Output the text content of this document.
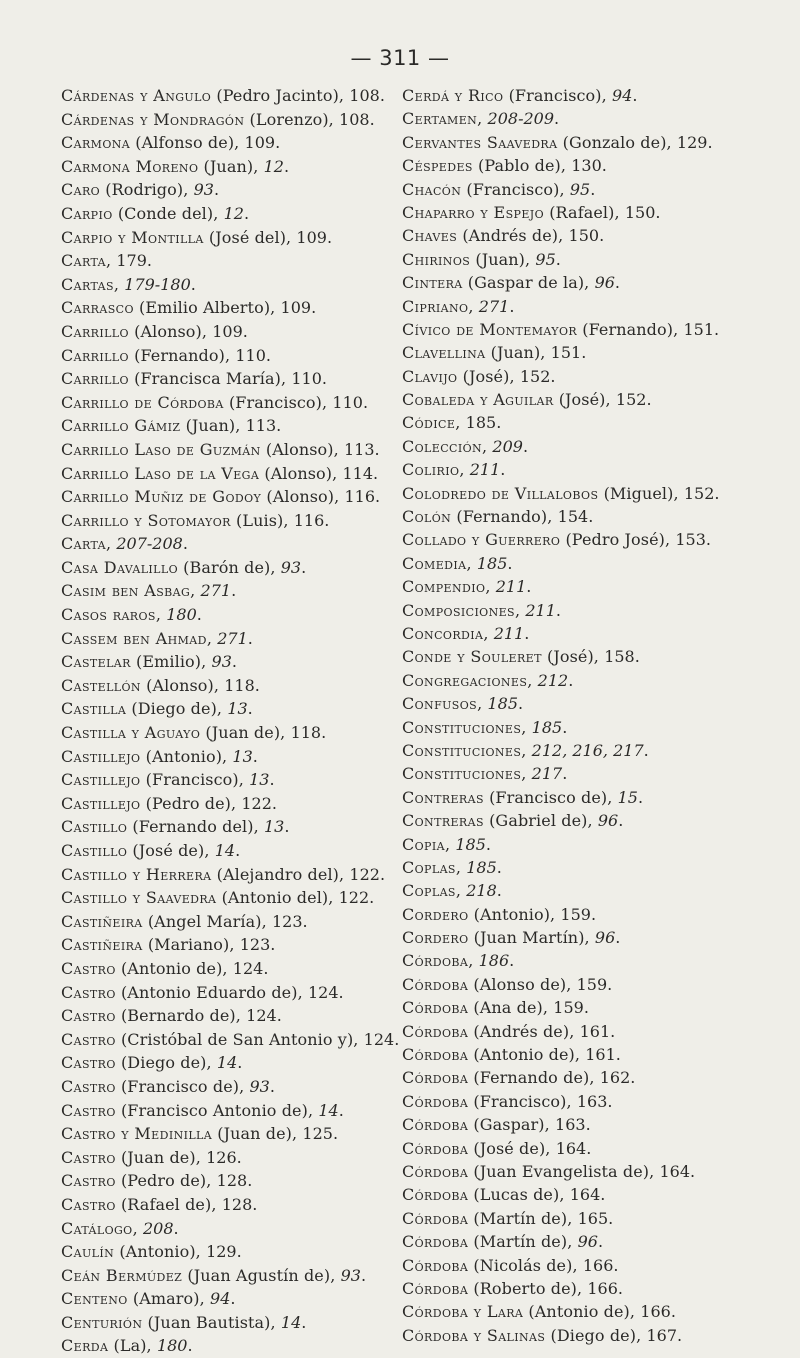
— 311 —
Cárdenas y Angulo (Pedro Jacinto), 108.
Cárdenas y Mondragón (Lorenzo), 108.
Carmona (Alfonso de), 109.
Carmona Moreno (Juan), 12.
Caro (Rodrigo), 93.
Carpio (Conde del), 12.
Carpio y Montilla (José del), 109.
Carta, 179.
Cartas, 179-180.
Carrasco (Emilio Alberto), 109.
Carrillo (Alonso), 109.
Carrillo (Fernando), 110.
Carrillo (Francisca María), 110.
Carrillo de Córdoba (Francisco), 110.
Carrillo Gámiz (Juan), 113.
Carrillo Laso de Guzmán (Alonso), 113.
Carrillo Laso de la Vega (Alonso), 114.
Carrillo Muñiz de Godoy (Alonso), 116.
Carrillo y Sotomayor (Luis), 116.
Carta, 207-208.
Casa Davalillo (Barón de), 93.
Casim ben Asbag, 271.
Casos raros, 180.
Cassem ben Ahmad, 271.
Castelar (Emilio), 93.
Castellón (Alonso), 118.
Castilla (Diego de), 13.
Castilla y Aguayo (Juan de), 118.
Castillejo (Antonio), 13.
Castillejo (Francisco), 13.
Castillejo (Pedro de), 122.
Castillo (Fernando del), 13.
Castillo (José de), 14.
Castillo y Herrera (Alejandro del), 122.
Castillo y Saavedra (Antonio del), 122.
Castiñeira (Angel María), 123.
Castiñeira (Mariano), 123.
Castro (Antonio de), 124.
Castro (Antonio Eduardo de), 124.
Castro (Bernardo de), 124.
Castro (Cristóbal de San Antonio y), 124.
Castro (Diego de), 14.
Castro (Francisco de), 93.
Castro (Francisco Antonio de), 14.
Castro y Medinilla (Juan de), 125.
Castro (Juan de), 126.
Castro (Pedro de), 128.
Castro (Rafael de), 128.
Catálogo, 208.
Caulín (Antonio), 129.
Ceán Bermúdez (Juan Agustín de), 93.
Centeno (Amaro), 94.
Centurión (Juan Bautista), 14.
Cerda (La), 180.
Cerdá y Rico (Francisco), 94.
Certamen, 208-209.
Cervantes Saavedra (Gonzalo de), 129.
Céspedes (Pablo de), 130.
Chacón (Francisco), 95.
Chaparro y Espejo (Rafael), 150.
Chaves (Andrés de), 150.
Chirinos (Juan), 95.
Cintera (Gaspar de la), 96.
Cipriano, 271.
Cívico de Montemayor (Fernando), 151.
Clavellina (Juan), 151.
Clavijo (José), 152.
Cobaleda y Aguilar (José), 152.
Códice, 185.
Colección, 209.
Colirio, 211.
Colodredo de Villalobos (Miguel), 152.
Colón (Fernando), 154.
Collado y Guerrero (Pedro José), 153.
Comedia, 185.
Compendio, 211.
Composiciones, 211.
Concordia, 211.
Conde y Souleret (José), 158.
Congregaciones, 212.
Confusos, 185.
Constituciones, 185.
Constituciones, 212, 216, 217.
Constituciones, 217.
Contreras (Francisco de), 15.
Contreras (Gabriel de), 96.
Copia, 185.
Coplas, 185.
Coplas, 218.
Cordero (Antonio), 159.
Cordero (Juan Martín), 96.
Córdoba, 186.
Córdoba (Alonso de), 159.
Córdoba (Ana de), 159.
Córdoba (Andrés de), 161.
Córdoba (Antonio de), 161.
Córdoba (Fernando de), 162.
Córdoba (Francisco), 163.
Córdoba (Gaspar), 163.
Córdoba (José de), 164.
Córdoba (Juan Evangelista de), 164.
Córdoba (Lucas de), 164.
Córdoba (Martín de), 165.
Córdoba (Martín de), 96.
Córdoba (Nicolás de), 166.
Córdoba (Roberto de), 166.
Córdoba y Lara (Antonio de), 166.
Córdoba y Salinas (Diego de), 167.
